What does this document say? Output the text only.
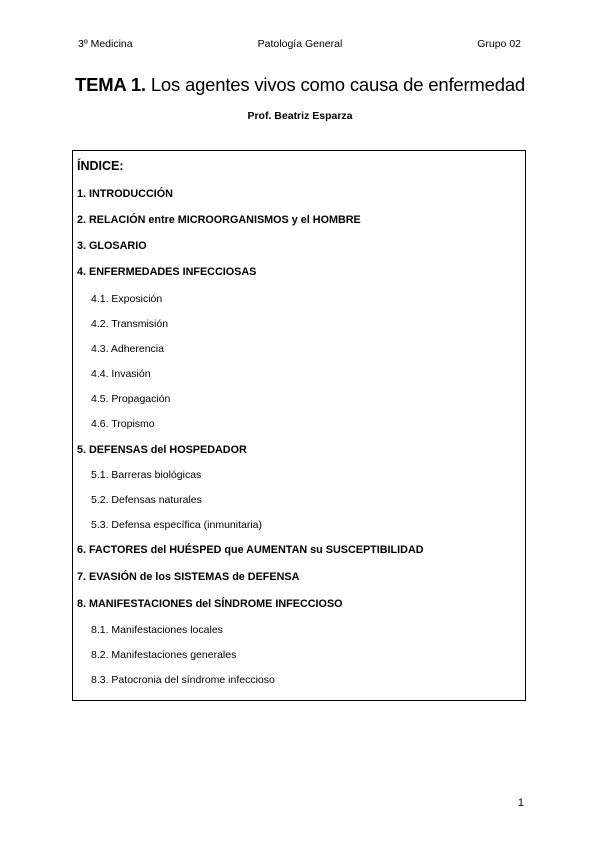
3º Medicina	Patología General	Grupo 02
TEMA 1. Los agentes vivos como causa de enfermedad
Prof. Beatriz Esparza
ÍNDICE:
1. INTRODUCCIÓN
2. RELACIÓN entre MICROORGANISMOS y el HOMBRE
3. GLOSARIO
4. ENFERMEDADES INFECCIOSAS
4.1. Exposición
4.2. Transmisión
4.3. Adherencia
4.4. Invasión
4.5. Propagación
4.6. Tropismo
5. DEFENSAS del HOSPEDADOR
5.1. Barreras biológicas
5.2. Defensas naturales
5.3. Defensa específica (inmunitaria)
6. FACTORES del HUÉSPED que AUMENTAN su SUSCEPTIBILIDAD
7. EVASIÓN de los SISTEMAS de DEFENSA
8. MANIFESTACIONES del SÍNDROME INFECCIOSO
8.1. Manifestaciones locales
8.2. Manifestaciones generales
8.3. Patocronia del síndrome infeccioso
1
